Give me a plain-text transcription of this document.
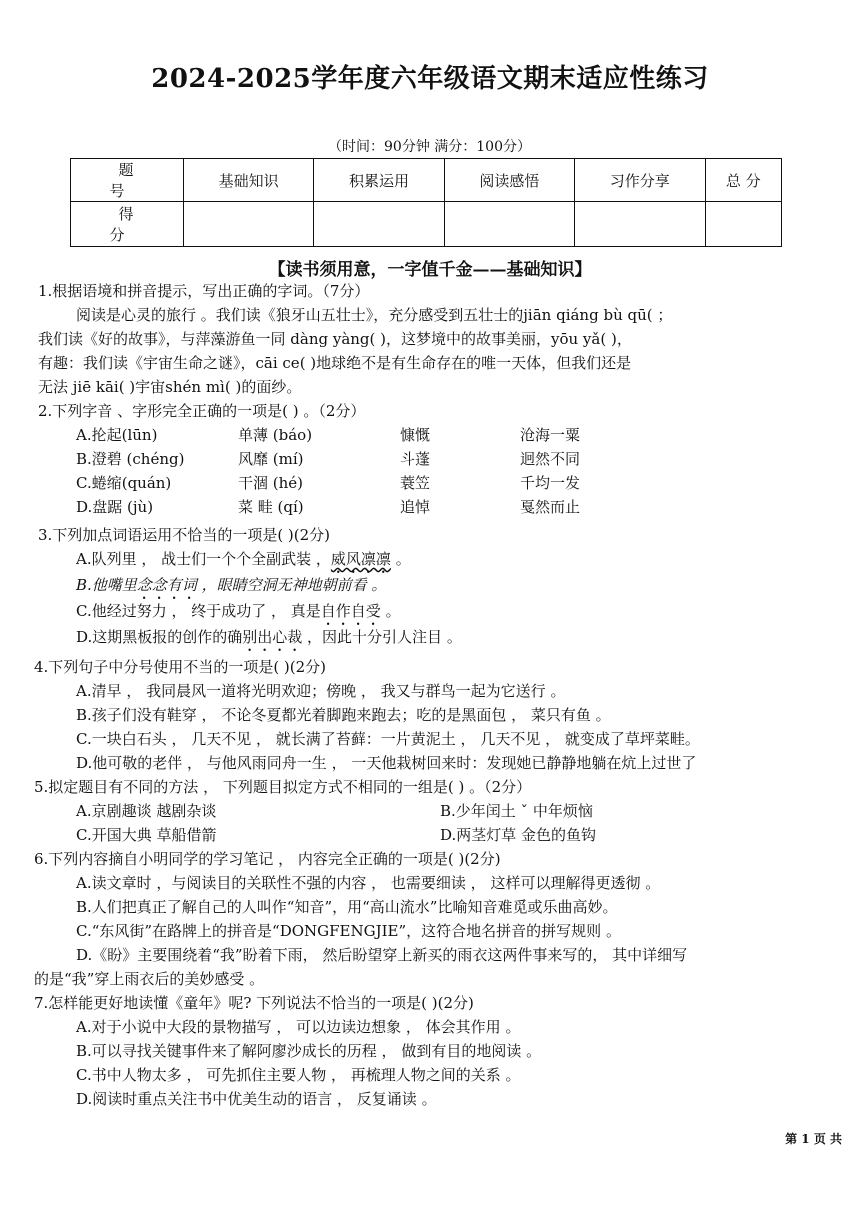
2024-2025学年度六年级语文期末适应性练习
（时间：90分钟 满分：100分）
题 号	基础知识	积累运用	阅读感悟	习作分享	总 分
得 分					
【读书须用意，一字值千金——基础知识】
1.根据语境和拼音提示，写出正确的字词。（7分）
阅读是心灵的旅行 。我们读《狼牙山五壮士》，充分感受到五壮士的jiān qiáng bù qū( ；
我们读《好的故事》，与萍藻游鱼一同 dàng yàng( )，这梦境中的故事美丽，yōu yǎ( )，
有趣：我们读《宇宙生命之谜》，cāi ce( )地球绝不是有生命存在的唯一天体，但我们还是
无法 jiē kāi( )宇宙shén mì( )的面纱。
2.下列字音 、字形完全正确的一项是( ) 。（2分）
A.抡起(lūn)	单薄 (báo)	慷慨	沧海一粟
B.澄碧 (chéng)	风靡 (mí)	斗蓬	迥然不同
C.蜷缩(quán)	干涸 (hé)	蓑笠	千均一发
D.盘踞 (jù)	菜 畦 (qí)	追悼	戛然而止
3.下列加点词语运用不恰当的一项是( )(2分)
A.队列里 ， 战士们一个个全副武装 ，威风凛凛 。
B.他嘴里念念有词 ，眼睛空洞无神地朝前看 。
C.他经过努力 ， 终于成功了 ， 真是自作自受 。
D.这期黑板报的创作的确别出心裁 ，因此十分引人注目 。
4.下列句子中分号使用不当的一项是( )(2分)
A.清早 ， 我同晨风一道将光明欢迎；傍晚 ， 我又与群鸟一起为它送行 。
B.孩子们没有鞋穿 ， 不论冬夏都光着脚跑来跑去；吃的是黑面包 ， 菜只有鱼 。
C.一块白石头 ， 几天不见 ， 就长满了苔藓：一片黄泥土 ， 几天不见 ， 就变成了草坪菜畦。
D.他可敬的老伴 ， 与他风雨同舟一生 ， 一天他栽树回来时：发现她已静静地躺在炕上过世了
5.拟定题目有不同的方法 ， 下列题目拟定方式不相同的一组是( ) 。（2分）
A.京剧趣谈 越剧杂谈	B.少年闰土 ˇ 中年烦恼
C.开国大典 草船借箭	D.两茎灯草 金色的鱼钩
6.下列内容摘自小明同学的学习笔记 ， 内容完全正确的一项是( )(2分)
A.读文章时 ，与阅读目的关联性不强的内容 ， 也需要细读 ， 这样可以理解得更透彻 。
B.人们把真正了解自己的人叫作“知音”，用“高山流水”比喻知音难觅或乐曲高妙。
C.“东风街”在路牌上的拼音是“DONGFENGJIE”，这符合地名拼音的拼写规则 。
D.《盼》主要围绕着“我”盼着下雨， 然后盼望穿上新买的雨衣这两件事来写的， 其中详细写
的是“我”穿上雨衣后的美妙感受 。
7.怎样能更好地读懂《童年》呢? 下列说法不恰当的一项是( )(2分)
A.对于小说中大段的景物描写 ， 可以边读边想象 ， 体会其作用 。
B.可以寻找关键事件来了解阿廖沙成长的历程 ， 做到有目的地阅读 。
C.书中人物太多 ， 可先抓住主要人物 ， 再梳理人物之间的关系 。
D.阅读时重点关注书中优美生动的语言 ， 反复诵读 。
第 1 页 共
